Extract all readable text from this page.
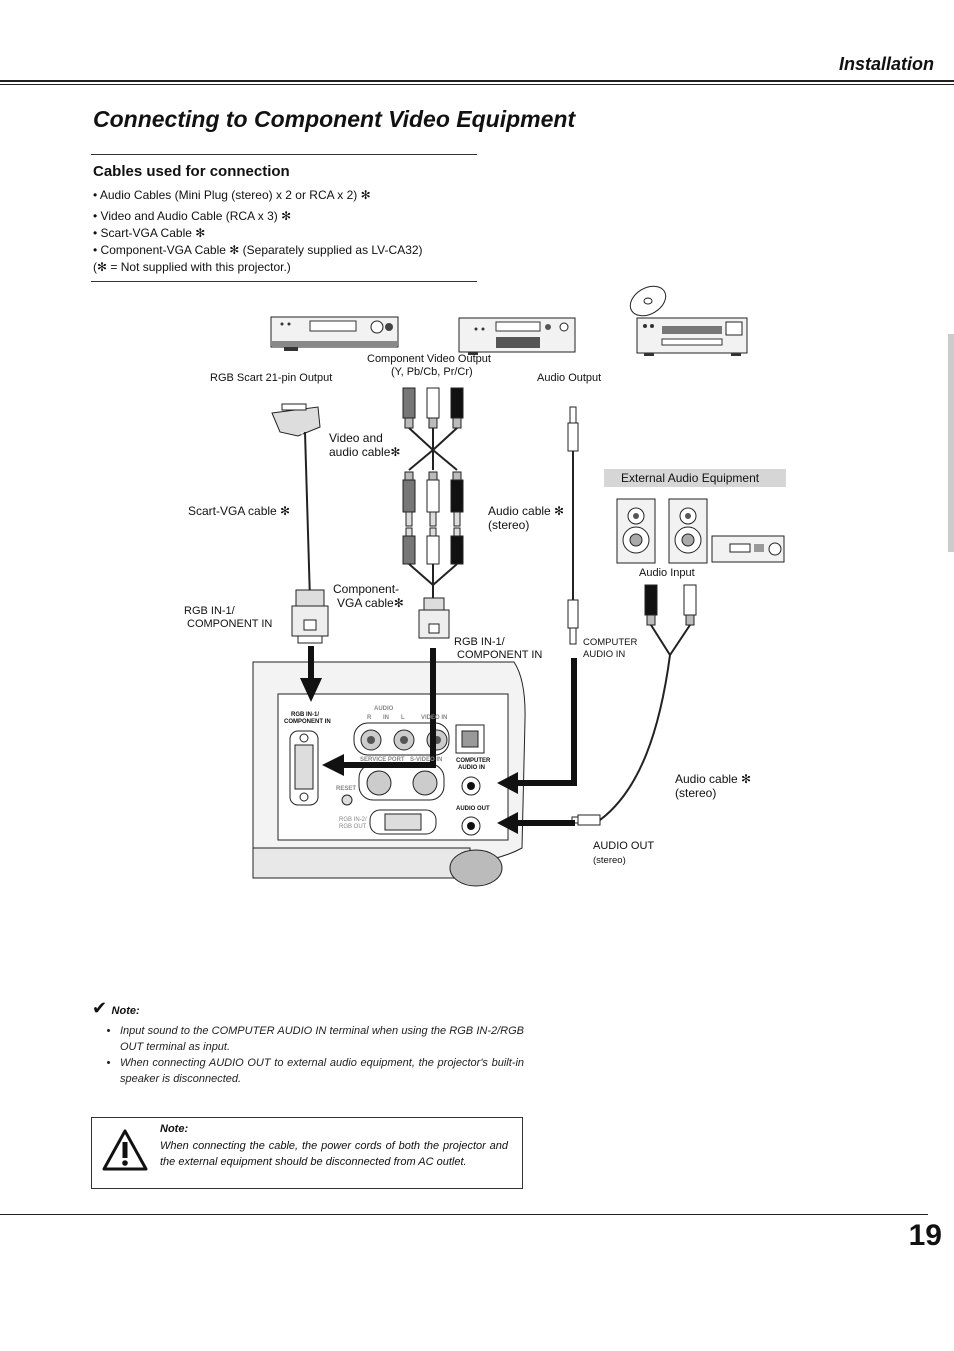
Installation
Connecting to Component Video Equipment
Cables used for connection
• Audio Cables (Mini Plug (stereo) x 2 or RCA x 2) ✻
• Video and Audio Cable (RCA x 3) ✻
• Scart-VGA Cable ✻
• Component-VGA Cable ✻ (Separately supplied as LV-CA32)
(✻ = Not supplied with this projector.)
RGB Scart 21-pin Output
Component Video Output
(Y, Pb/Cb, Pr/Cr)	Audio Output
Video and
audio cable✻
External Audio Equipment
Scart-VGA cable ✻	Audio cable ✻
(stereo)
Audio Input
Component-
VGA cable✻
RGB IN-1/
COMPONENT IN
RGB IN-1/
COMPONENT IN
COMPUTER
AUDIO IN
Audio cable ✻
(stereo)
AUDIO OUT
(stereo)
RGB IN-1/
COMPONENT IN
AUDIO
R IN L	VIDEO IN
SERVICE PORT S-VIDEO IN COMPUTER
AUDIO IN
RESET
AUDIO OUT
RGB IN-2/
RGB OUT
✔ Note:
• Input sound to the COMPUTER AUDIO IN terminal when using the RGB IN-2/RGB OUT terminal as input.
• When connecting AUDIO OUT to external audio equipment, the projector's built-in speaker is disconnected.
Note:
When connecting the cable, the power cords of both the projector and the external equipment should be disconnected from AC outlet.
19
